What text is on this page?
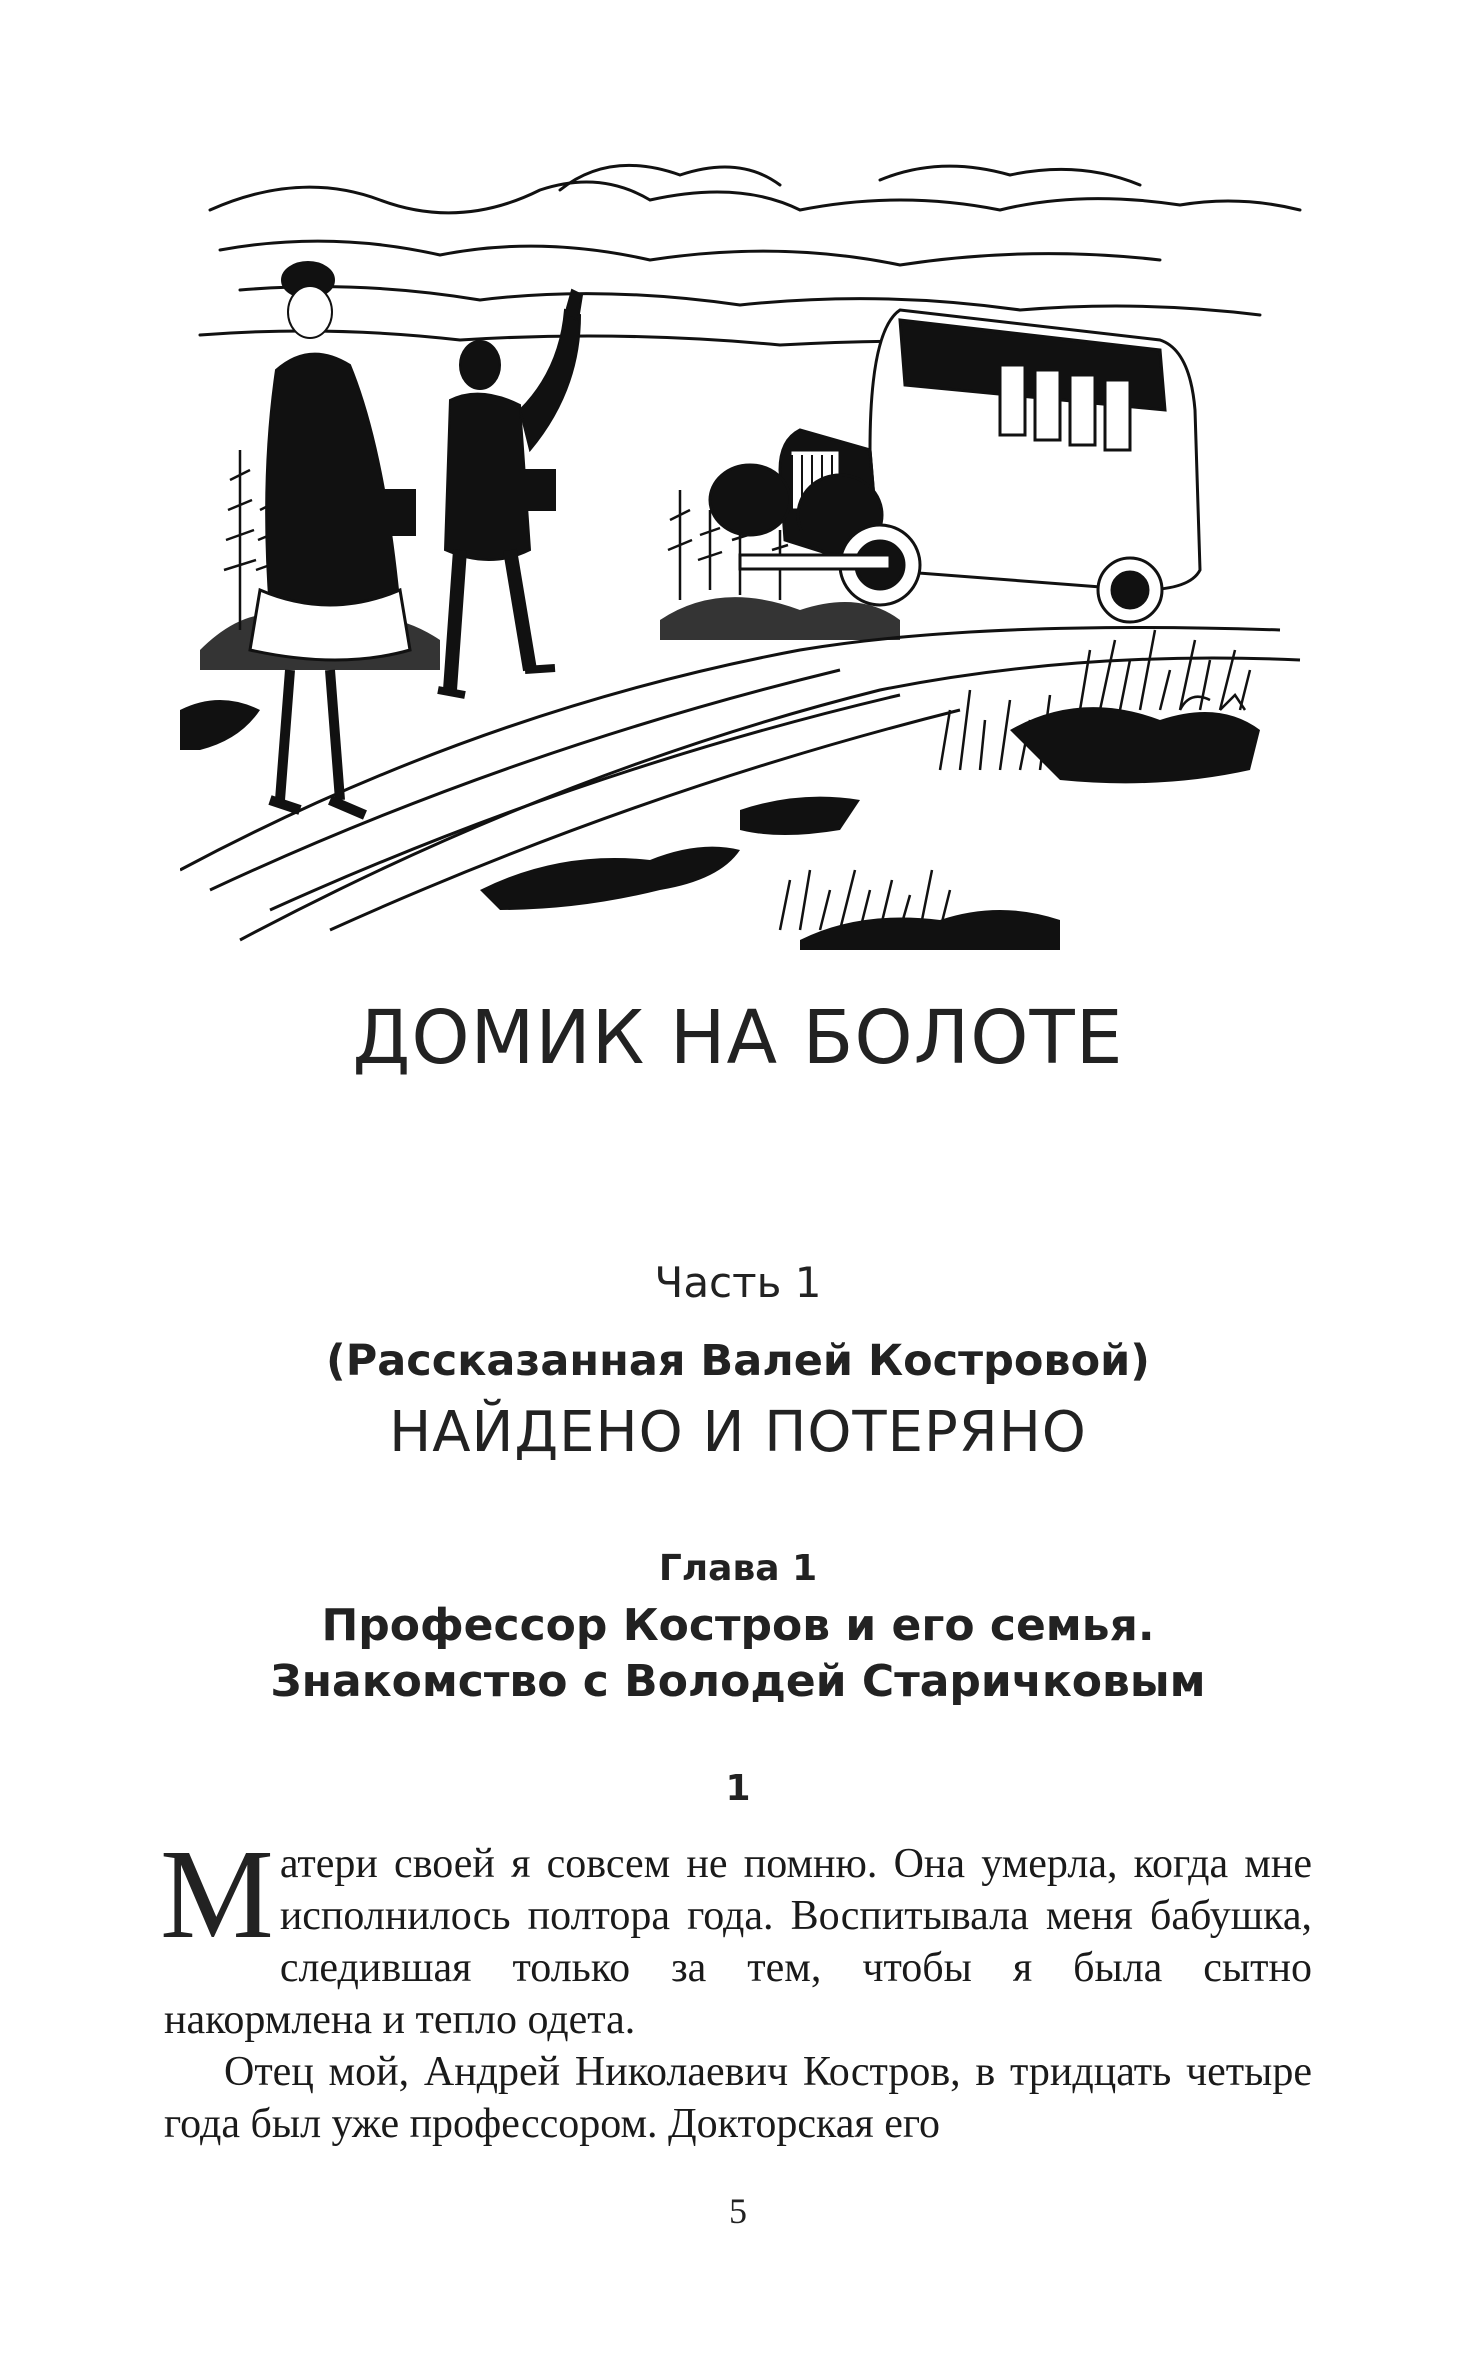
ДОМИК НА БОЛОТЕ
Часть 1
(Рассказанная Валей Костровой)
НАЙДЕНО И ПОТЕРЯНО
Глава 1
Профессор Костров и его семья.
Знакомство с Володей Старичковым
1

Матери своей я совсем не помню. Она умерла, когда мне исполнилось полтора года. Воспитывала меня бабушка, следившая только за тем, чтобы я была сытно накормлена и тепло одета.

Отец мой, Андрей Николаевич Костров, в тридцать четыре года был уже профессором. Докторская его

5
